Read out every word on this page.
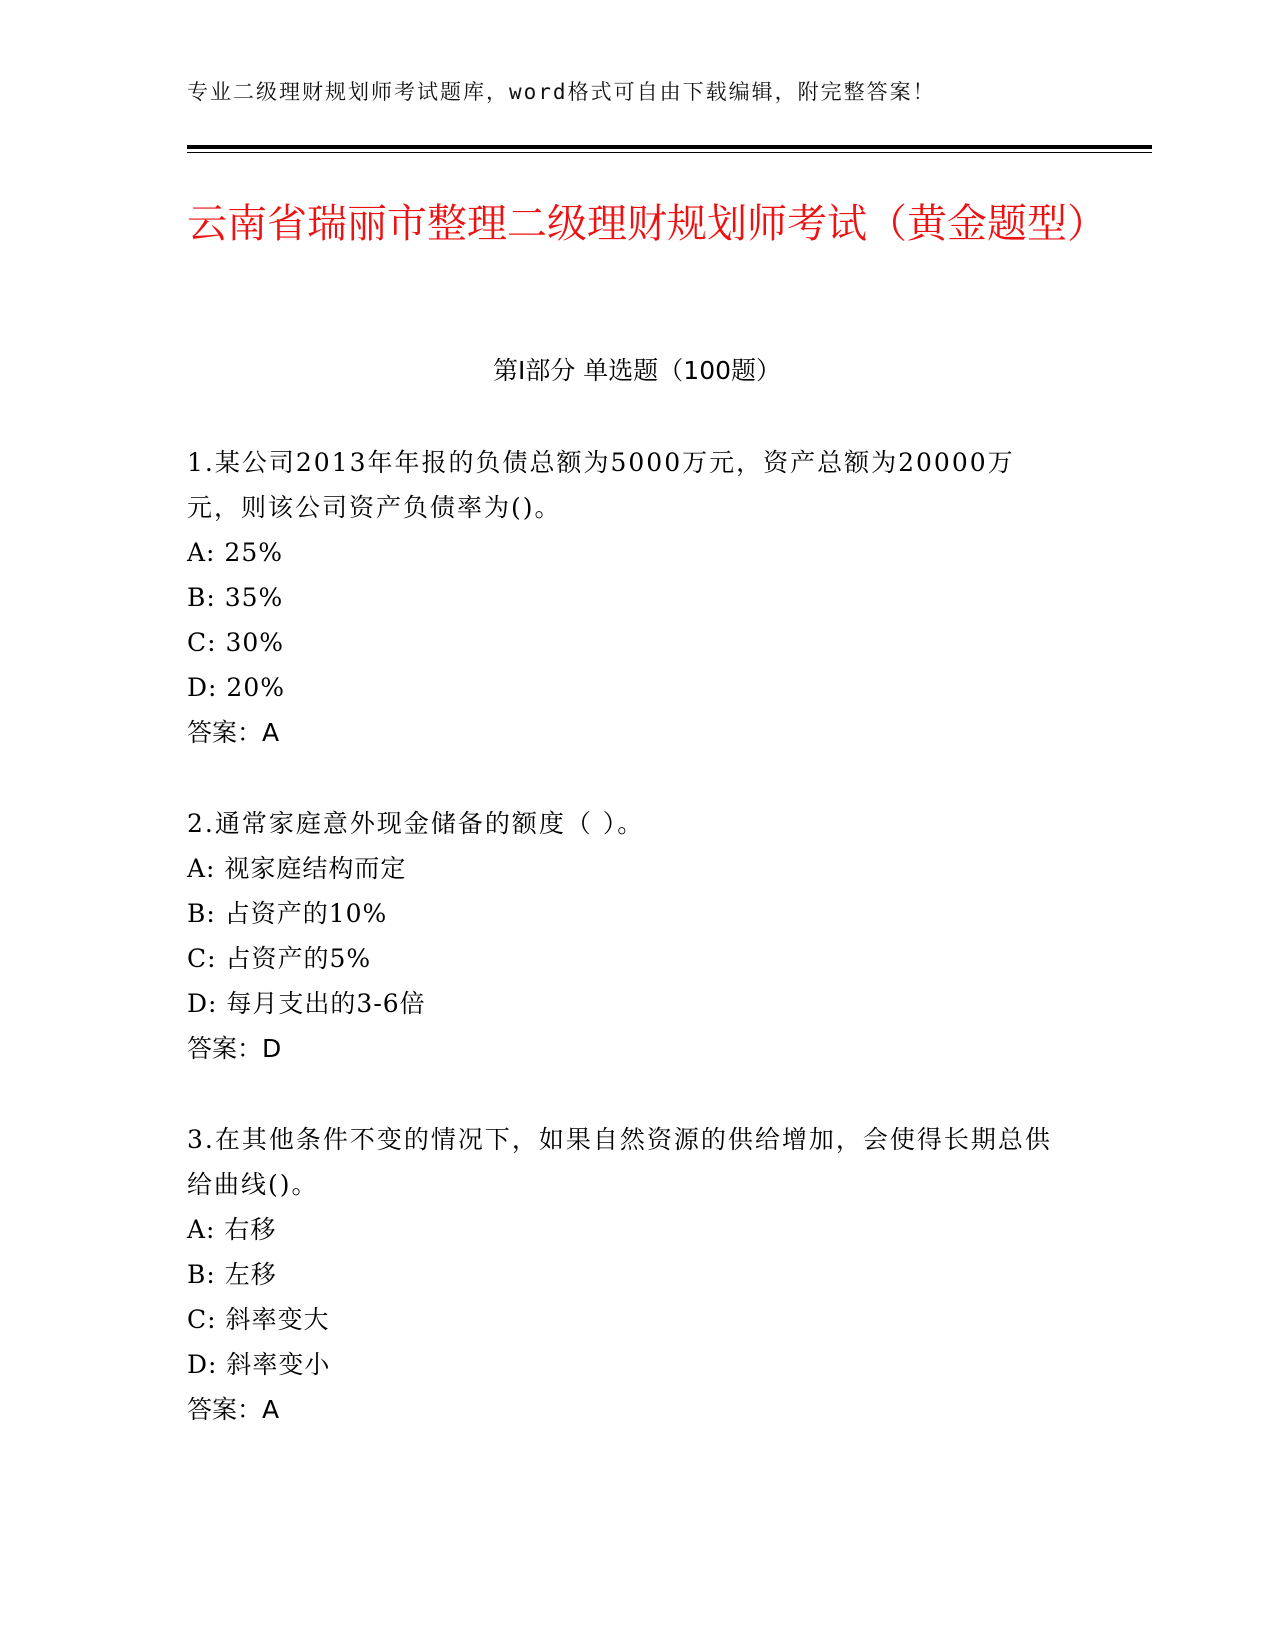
专业二级理财规划师考试题库，word格式可自由下载编辑，附完整答案！
云南省瑞丽市整理二级理财规划师考试（黄金题型）
第I部分 单选题（100题）

1.某公司2013年年报的负债总额为5000万元，资产总额为20000万元，则该公司资产负债率为()。

A: 25%

B: 35%

C: 30%

D: 20%

答案：A

2.通常家庭意外现金储备的额度（ ）。

A: 视家庭结构而定

B: 占资产的10%

C: 占资产的5%

D: 每月支出的3-6倍

答案：D

3.在其他条件不变的情况下，如果自然资源的供给增加，会使得长期总供给曲线()。

A: 右移

B: 左移

C: 斜率变大

D: 斜率变小

答案：A
